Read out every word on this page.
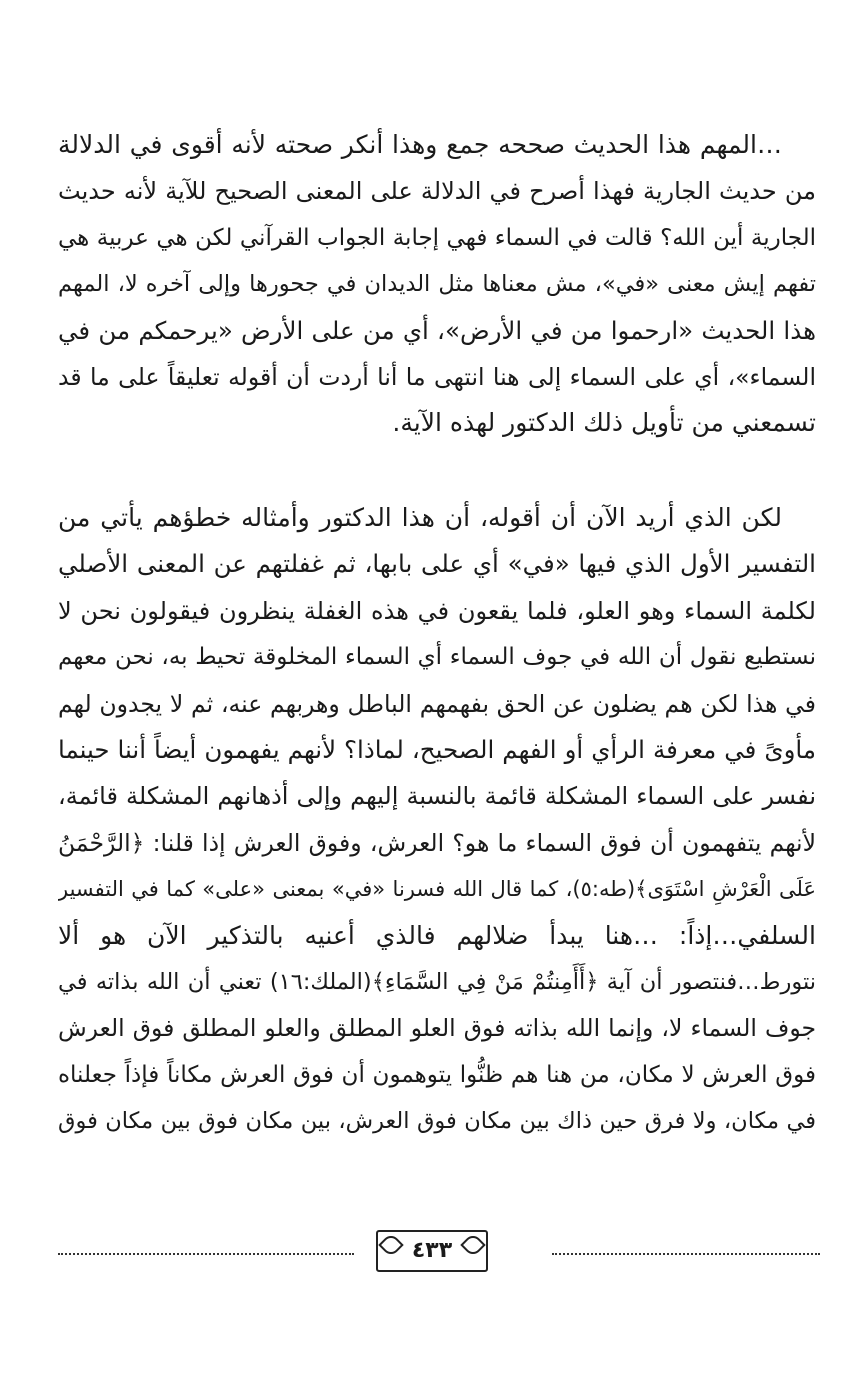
…المهم هذا الحديث صححه جمع وهذا أنكر صحته لأنه أقوى في الدلالة
من حديث الجارية فهذا أصرح في الدلالة على المعنى الصحيح للآية لأنه حديث
الجارية أين الله؟ قالت في السماء فهي إجابة الجواب القرآني لكن هي عربية هي
تفهم إيش معنى «في»، مش معناها مثل الديدان في جحورها وإلى آخره لا، المهم
هذا الحديث «ارحموا من في الأرض»، أي من على الأرض «يرحمكم من في
السماء»، أي على السماء إلى هنا انتهى ما أنا أردت أن أقوله تعليقاً على ما قد
تسمعني من تأويل ذلك الدكتور لهذه الآية.
لكن الذي أريد الآن أن أقوله، أن هذا الدكتور وأمثاله خطؤهم يأتي من
التفسير الأول الذي فيها «في» أي على بابها، ثم غفلتهم عن المعنى الأصلي
لكلمة السماء وهو العلو، فلما يقعون في هذه الغفلة ينظرون فيقولون نحن لا
نستطيع نقول أن الله في جوف السماء أي السماء المخلوقة تحيط به، نحن معهم
في هذا لكن هم يضلون عن الحق بفهمهم الباطل وهربهم عنه، ثم لا يجدون لهم
مأوىً في معرفة الرأي أو الفهم الصحيح، لماذا؟ لأنهم يفهمون أيضاً أننا حينما
نفسر على السماء المشكلة قائمة بالنسبة إليهم وإلى أذهانهم المشكلة قائمة،
لأنهم يتفهمون أن فوق السماء ما هو؟ العرش، وفوق العرش إذا قلنا: ﴿الرَّحْمَنُ
عَلَى الْعَرْشِ اسْتَوَى﴾(طه:٥)، كما قال الله فسرنا «في» بمعنى «على» كما في التفسير
السلفي…إذاً: …هنا يبدأ ضلالهم فالذي أعنيه بالتذكير الآن هو ألا
نتورط…فنتصور أن آية ﴿أَأَمِنتُمْ مَنْ فِي السَّمَاءِ﴾(الملك:١٦) تعني أن الله بذاته في
جوف السماء لا، وإنما الله بذاته فوق العلو المطلق والعلو المطلق فوق العرش
فوق العرش لا مكان، من هنا هم ظنُّوا يتوهمون أن فوق العرش مكاناً فإذاً جعلناه
في مكان، ولا فرق حين ذاك بين مكان فوق العرش، بين مكان فوق بين مكان فوق
٤٣٣
